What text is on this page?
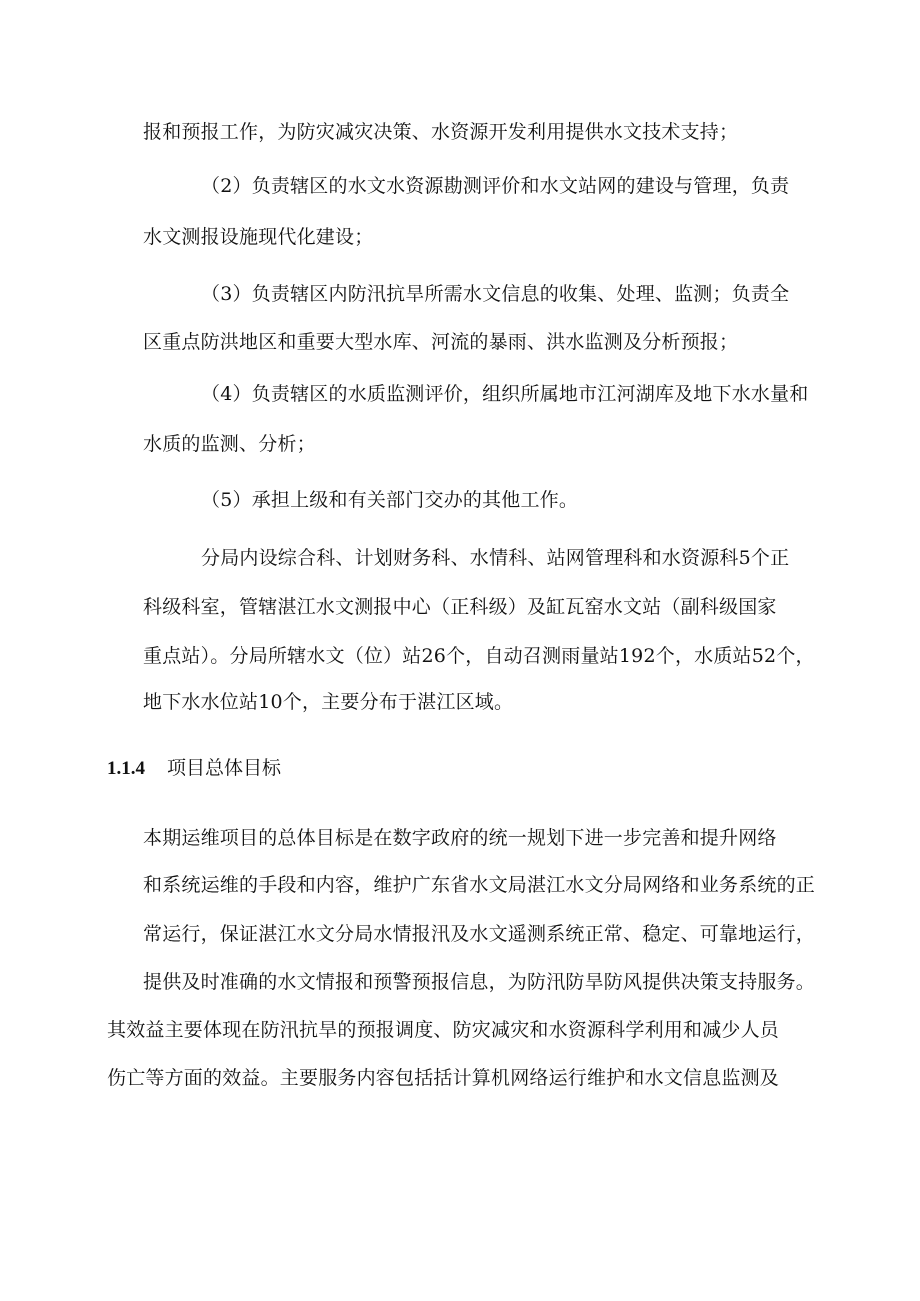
报和预报工作，为防灾减灾决策、水资源开发利用提供水文技术支持；
（2）负责辖区的水文水资源勘测评价和水文站网的建设与管理，负责
水文测报设施现代化建设；
（3）负责辖区内防汛抗旱所需水文信息的收集、处理、监测；负责全
区重点防洪地区和重要大型水库、河流的暴雨、洪水监测及分析预报；
（4）负责辖区的水质监测评价，组织所属地市江河湖库及地下水水量和
水质的监测、分析；
（5）承担上级和有关部门交办的其他工作。
分局内设综合科、计划财务科、水情科、站网管理科和水资源科5个正
科级科室，管辖湛江水文测报中心（正科级）及缸瓦窑水文站（副科级国家
重点站）。分局所辖水文（位）站26个，自动召测雨量站192个，水质站52个，
地下水水位站10个，主要分布于湛江区域。
1.1.4 项目总体目标
本期运维项目的总体目标是在数字政府的统一规划下进一步完善和提升网络
和系统运维的手段和内容，维护广东省水文局湛江水文分局网络和业务系统的正
常运行，保证湛江水文分局水情报汛及水文遥测系统正常、稳定、可靠地运行，
提供及时准确的水文情报和预警预报信息，为防汛防旱防风提供决策支持服务。
其效益主要体现在防汛抗旱的预报调度、防灾减灾和水资源科学利用和减少人员
伤亡等方面的效益。主要服务内容包括括计算机网络运行维护和水文信息监测及
